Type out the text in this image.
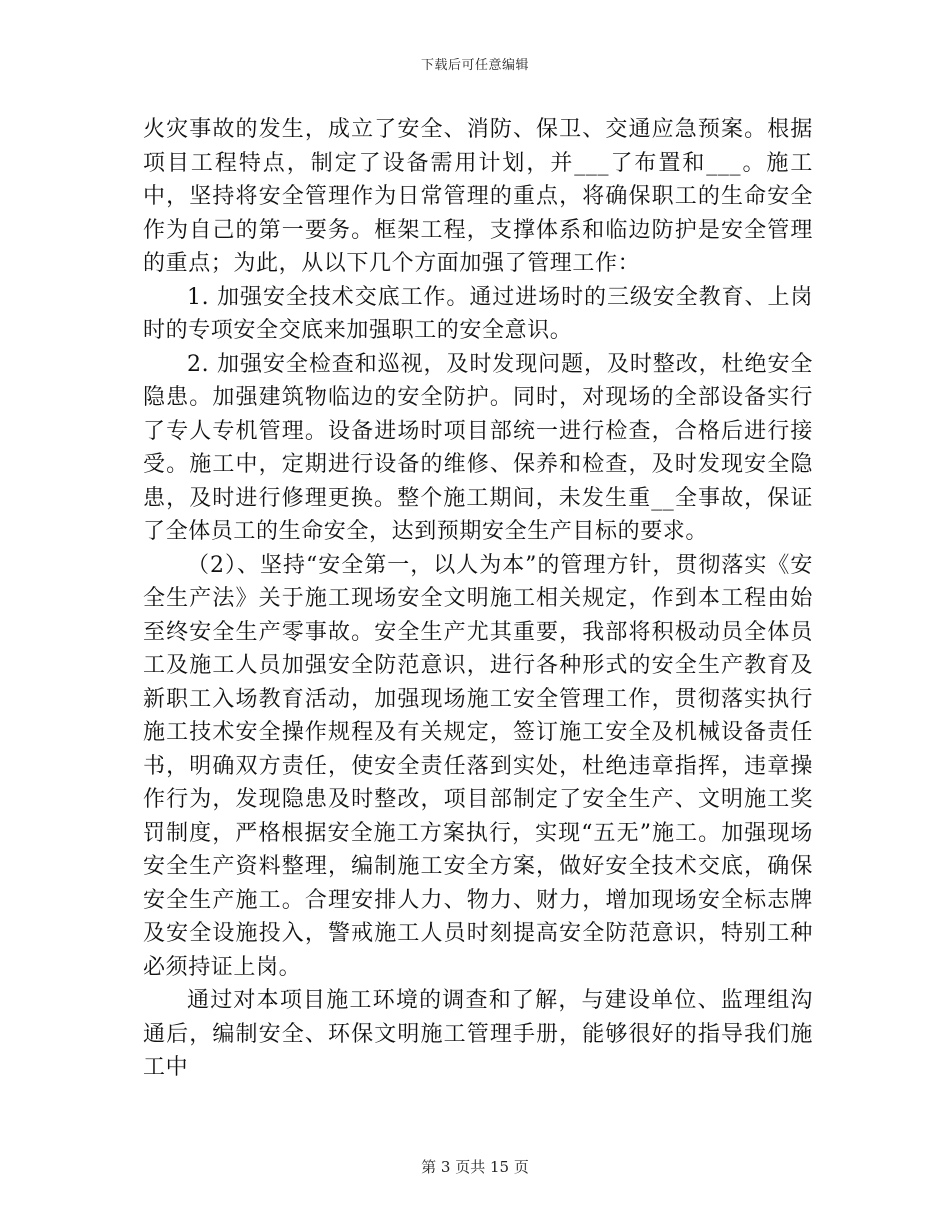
下载后可任意编辑

火灾事故的发生，成立了安全、消防、保卫、交通应急预案。根据项目工程特点，制定了设备需用计划，并___了布置和___。施工中，坚持将安全管理作为日常管理的重点，将确保职工的生命安全作为自己的第一要务。框架工程，支撑体系和临边防护是安全管理的重点；为此，从以下几个方面加强了管理工作：

1. 加强安全技术交底工作。通过进场时的三级安全教育、上岗时的专项安全交底来加强职工的安全意识。

2. 加强安全检查和巡视，及时发现问题，及时整改，杜绝安全隐患。加强建筑物临边的安全防护。同时，对现场的全部设备实行了专人专机管理。设备进场时项目部统一进行检查，合格后进行接受。施工中，定期进行设备的维修、保养和检查，及时发现安全隐患，及时进行修理更换。整个施工期间，未发生重__全事故，保证了全体员工的生命安全，达到预期安全生产目标的要求。

（2）、坚持“安全第一，以人为本”的管理方针，贯彻落实《安全生产法》关于施工现场安全文明施工相关规定，作到本工程由始至终安全生产零事故。安全生产尤其重要，我部将积极动员全体员工及施工人员加强安全防范意识，进行各种形式的安全生产教育及新职工入场教育活动，加强现场施工安全管理工作，贯彻落实执行施工技术安全操作规程及有关规定，签订施工安全及机械设备责任书，明确双方责任，使安全责任落到实处，杜绝违章指挥，违章操作行为，发现隐患及时整改，项目部制定了安全生产、文明施工奖罚制度，严格根据安全施工方案执行，实现“五无”施工。加强现场安全生产资料整理，编制施工安全方案，做好安全技术交底，确保安全生产施工。合理安排人力、物力、财力，增加现场安全标志牌及安全设施投入，警戒施工人员时刻提高安全防范意识，特别工种必须持证上岗。

通过对本项目施工环境的调查和了解，与建设单位、监理组沟通后，编制安全、环保文明施工管理手册，能够很好的指导我们施工中

第 3 页共 15 页
